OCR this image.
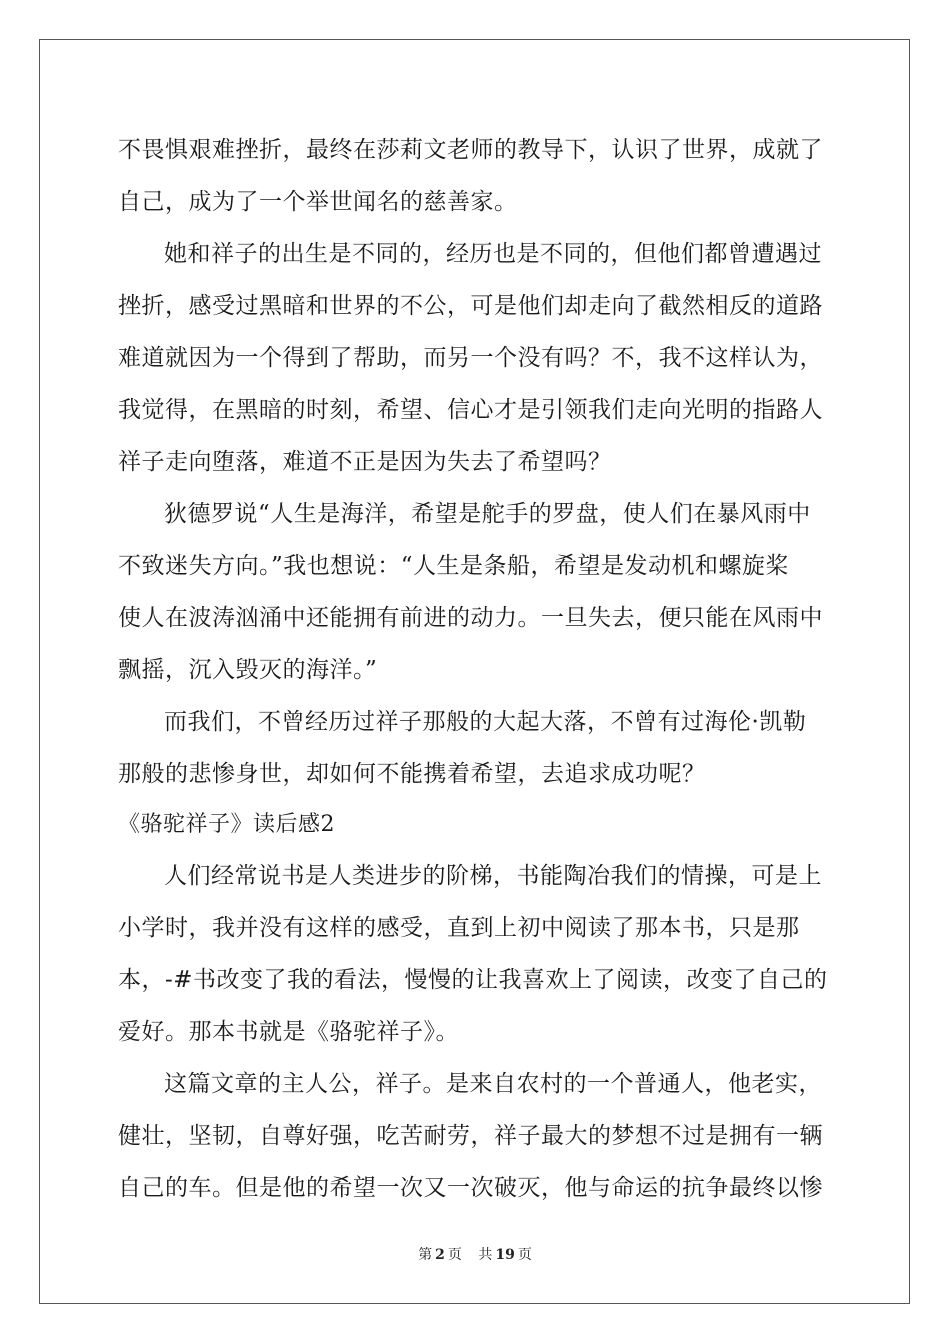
不畏惧艰难挫折，最终在莎莉文老师的教导下，认识了世界，成就了
自己，成为了一个举世闻名的慈善家。
她和祥子的出生是不同的，经历也是不同的，但他们都曾遭遇过
挫折，感受过黑暗和世界的不公，可是他们却走向了截然相反的道路
难道就因为一个得到了帮助，而另一个没有吗？不，我不这样认为，
我觉得，在黑暗的时刻，希望、信心才是引领我们走向光明的指路人
祥子走向堕落，难道不正是因为失去了希望吗？
狄德罗说“人生是海洋，希望是舵手的罗盘，使人们在暴风雨中
不致迷失方向。”我也想说：“人生是条船，希望是发动机和螺旋桨
使人在波涛汹涌中还能拥有前进的动力。一旦失去，便只能在风雨中
飘摇，沉入毁灭的海洋。”
而我们，不曾经历过祥子那般的大起大落，不曾有过海伦·凯勒
那般的悲惨身世，却如何不能携着希望，去追求成功呢？
《骆驼祥子》读后感2
人们经常说书是人类进步的阶梯，书能陶冶我们的情操，可是上
小学时，我并没有这样的感受，直到上初中阅读了那本书，只是那
本，-#书改变了我的看法，慢慢的让我喜欢上了阅读，改变了自己的
爱好。那本书就是《骆驼祥子》。
这篇文章的主人公，祥子。是来自农村的一个普通人，他老实，
健壮，坚韧，自尊好强，吃苦耐劳，祥子最大的梦想不过是拥有一辆
自己的车。但是他的希望一次又一次破灭，他与命运的抗争最终以惨
第 2 页 共 19 页
